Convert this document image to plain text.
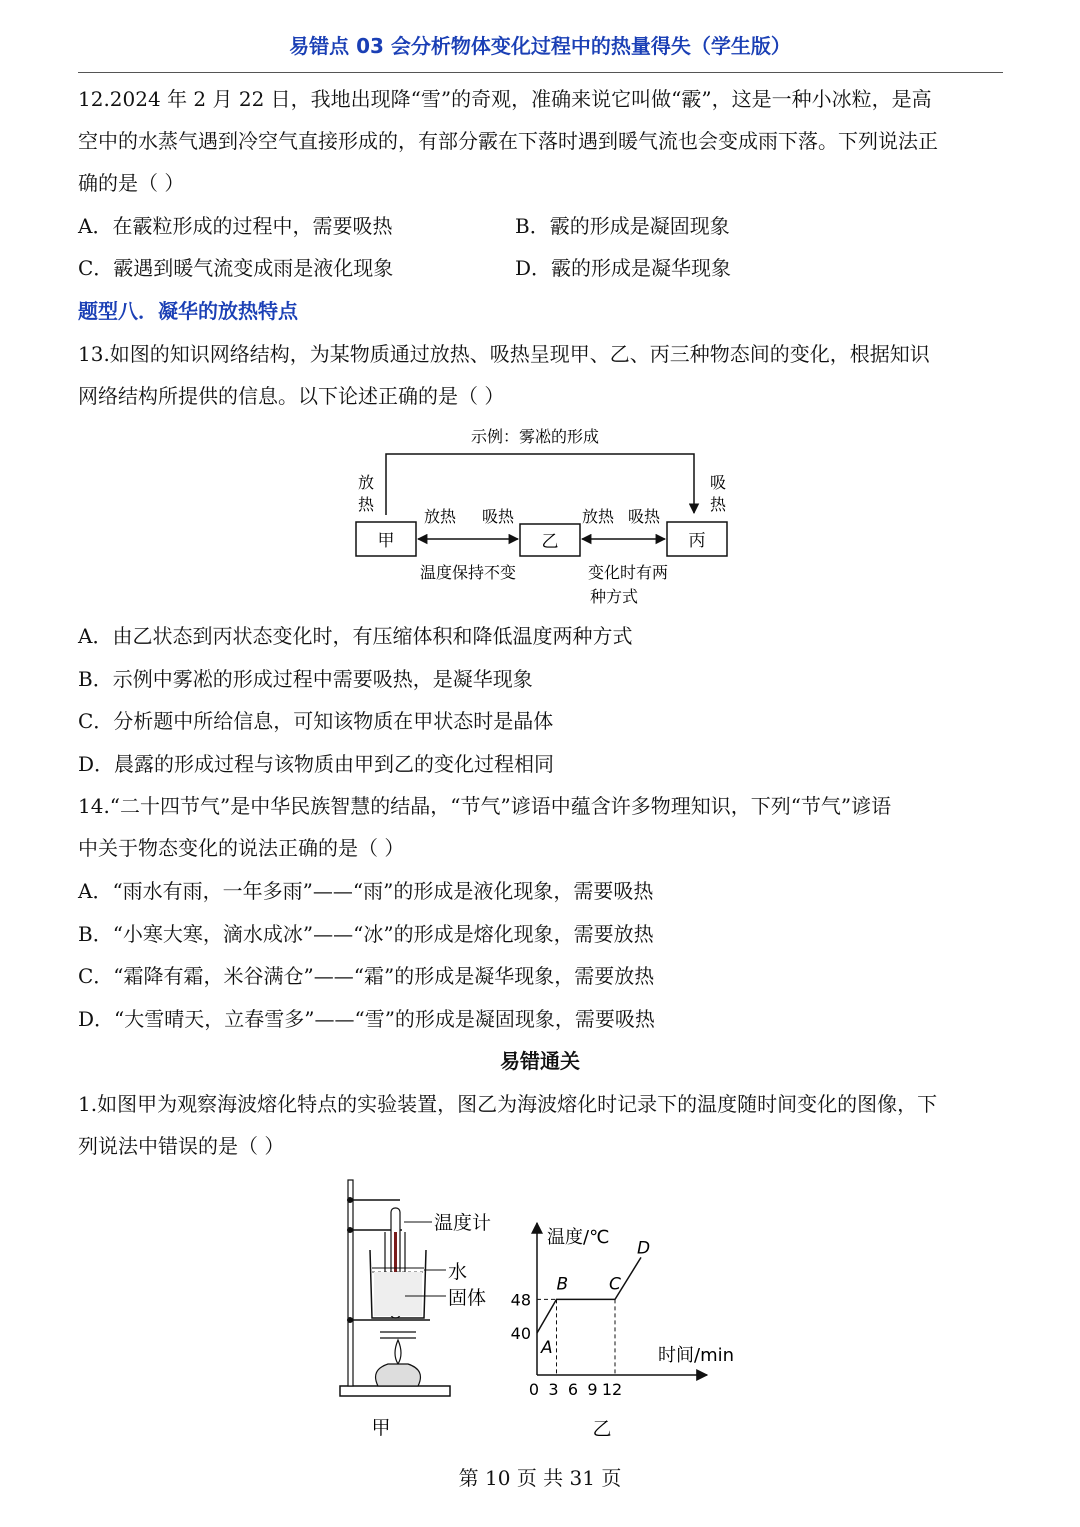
易错点 03 会分析物体变化过程中的热量得失（学生版）
12.2024 年 2 月 22 日，我地出现降“雪”的奇观，准确来说它叫做“霰”，这是一种小冰粒，是高
空中的水蒸气遇到冷空气直接形成的，有部分霰在下落时遇到暖气流也会变成雨下落。下列说法正
确的是（ ）
A．在霰粒形成的过程中，需要吸热	B．霰的形成是凝固现象
C．霰遇到暖气流变成雨是液化现象	D．霰的形成是凝华现象
题型八．凝华的放热特点
13.如图的知识网络结构，为某物质通过放热、吸热呈现甲、乙、丙三种物态间的变化，根据知识
网络结构所提供的信息。以下论述正确的是（ ）
示例：雾凇的形成
放
热
吸
热
甲	乙	丙
放热 吸热	放热 吸热
温度保持不变	变化时有两
种方式
A．由乙状态到丙状态变化时，有压缩体积和降低温度两种方式
B．示例中雾凇的形成过程中需要吸热，是凝华现象
C．分析题中所给信息，可知该物质在甲状态时是晶体
D．晨露的形成过程与该物质由甲到乙的变化过程相同
14.“二十四节气”是中华民族智慧的结晶，“节气”谚语中蕴含许多物理知识，下列“节气”谚语
中关于物态变化的说法正确的是（ ）
A．“雨水有雨，一年多雨”——“雨”的形成是液化现象，需要吸热
B．“小寒大寒，滴水成冰”——“冰”的形成是熔化现象，需要放热
C．“霜降有霜，米谷满仓”——“霜”的形成是凝华现象，需要放热
D．“大雪晴天，立春雪多”——“雪”的形成是凝固现象，需要吸热
易错通关
1.如图甲为观察海波熔化特点的实验装置，图乙为海波熔化时记录下的温度随时间变化的图像，下
列说法中错误的是（ ）
温度计
水
固体
甲
温度/℃
时间/min
0 3 6 9 12
40
48
A
B C
D
乙
第 10 页 共 31 页
